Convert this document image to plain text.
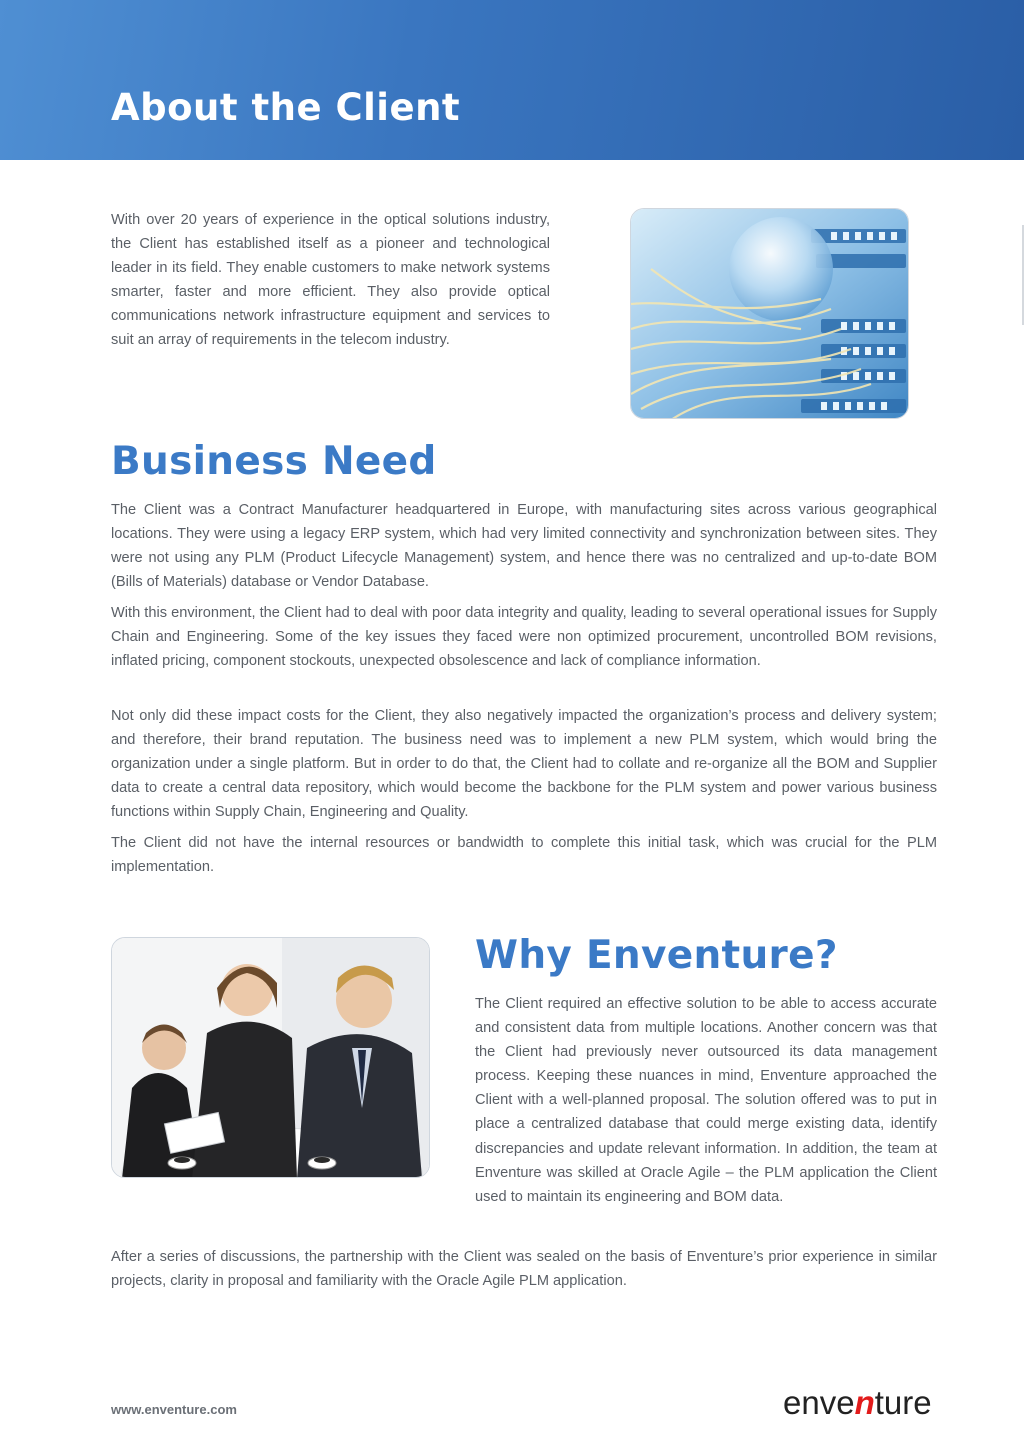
About the Client

With over 20 years of experience in the optical solutions industry, the Client has established itself as a pioneer and technological leader in its field. They enable customers to make network systems smarter, faster and more efficient. They also provide optical communications network infrastructure equipment and services to suit an array of requirements in the telecom industry.

Business Need

The Client was a Contract Manufacturer headquartered in Europe, with manufacturing sites across various geographical locations. They were using a legacy ERP system, which had very limited connectivity and synchronization between sites. They were not using any PLM (Product Lifecycle Management) system, and hence there was no centralized and up-to-date BOM (Bills of Materials) database or Vendor Database.

With this environment, the Client had to deal with poor data integrity and quality, leading to several operational issues for Supply Chain and Engineering. Some of the key issues they faced were non optimized procurement, uncontrolled BOM revisions, inflated pricing, component stockouts, unexpected obsolescence and lack of compliance information.

Not only did these impact costs for the Client, they also negatively impacted the organization’s process and delivery system; and therefore, their brand reputation. The business need was to implement a new PLM system, which would bring the organization under a single platform. But in order to do that, the Client had to collate and re-organize all the BOM and Supplier data to create a central data repository, which would become the backbone for the PLM system and power various business functions within Supply Chain, Engineering and Quality.

The Client did not have the internal resources or bandwidth to complete this initial task, which was crucial for the PLM implementation.

Why Enventure?

The Client required an effective solution to be able to access accurate and consistent data from multiple locations. Another concern was that the Client had previously never outsourced its data management process. Keeping these nuances in mind, Enventure approached the Client with a well-planned proposal. The solution offered was to put in place a centralized database that could merge existing data, identify discrepancies and update relevant information. In addition, the team at Enventure was skilled at Oracle Agile – the PLM application the Client used to maintain its engineering and BOM data.

After a series of discussions, the partnership with the Client was sealed on the basis of Enventure’s prior experience in similar projects, clarity in proposal and familiarity with the Oracle Agile PLM application.

www.enventure.com	enventure
